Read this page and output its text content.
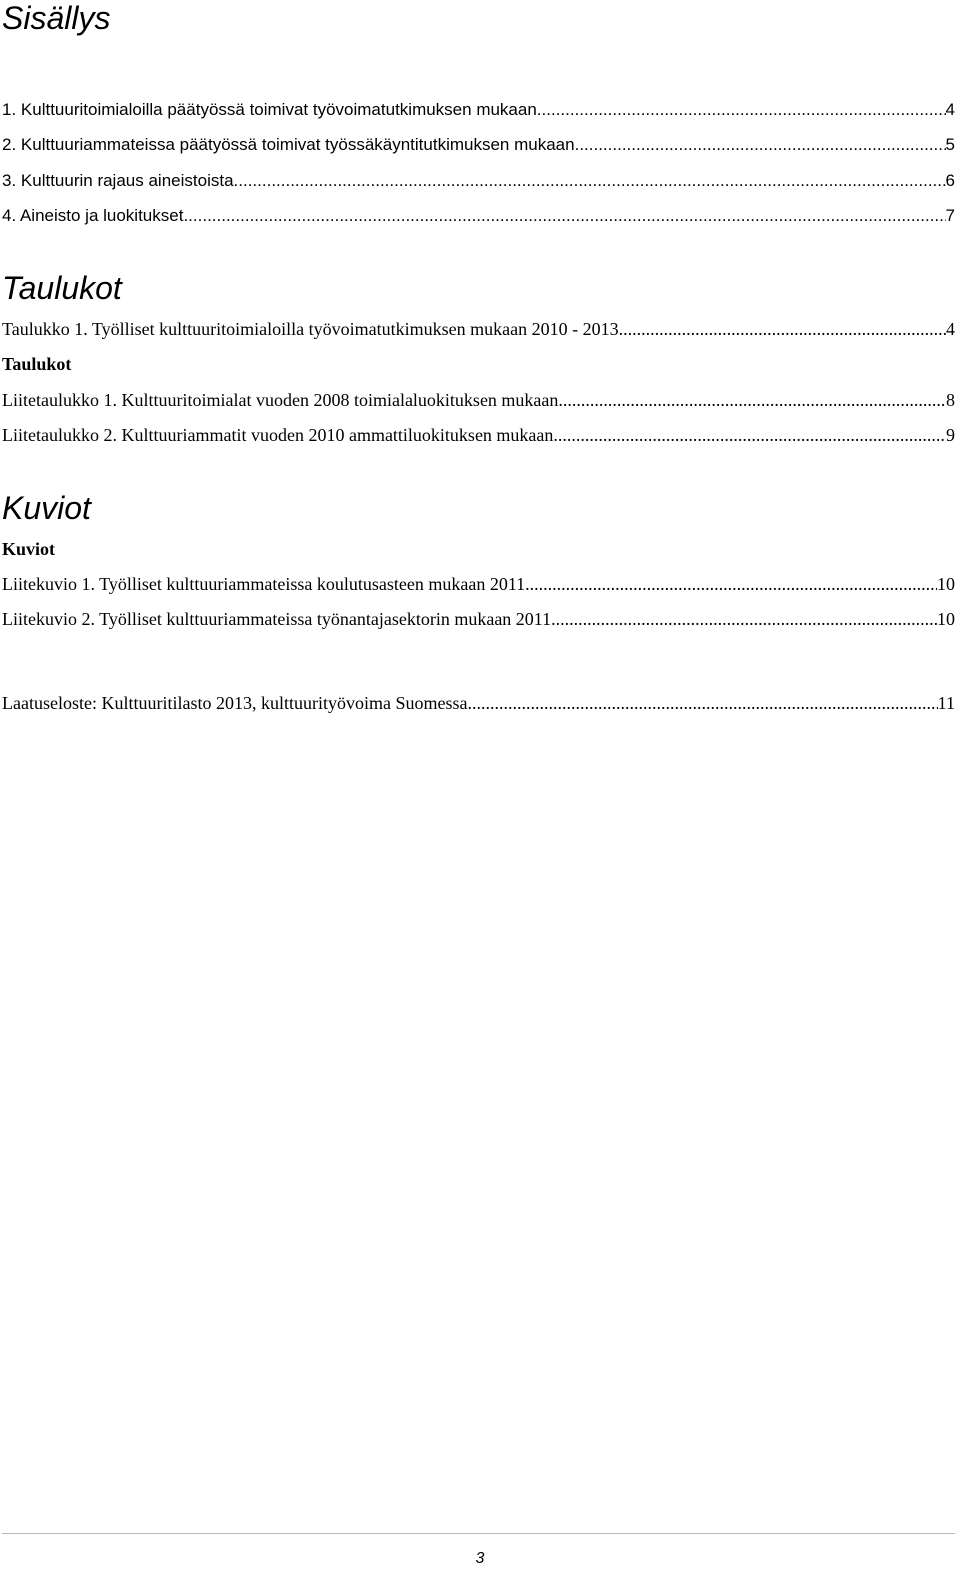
Sisällys
1. Kulttuuritoimialoilla päätyössä toimivat työvoimatutkimuksen mukaan .....	4
2. Kulttuuriammateissa päätyössä toimivat työssäkäyntitutkimuksen mukaan .....	5
3. Kulttuurin rajaus aineistoista .....	6
4. Aineisto ja luokitukset .....	7
Taulukot
Taulukko 1. Työlliset kulttuuritoimialoilla työvoimatutkimuksen mukaan 2010 - 2013 .....	4
Taulukot
Liitetaulukko 1. Kulttuuritoimialat vuoden 2008 toimialaluokituksen mukaan .....	8
Liitetaulukko 2. Kulttuuriammatit vuoden 2010 ammattiluokituksen mukaan .....	9
Kuviot
Kuviot
Liitekuvio 1. Työlliset kulttuuriammateissa koulutusasteen mukaan 2011 .....	10
Liitekuvio 2. Työlliset kulttuuriammateissa työnantajasektorin mukaan 2011 .....	10
Laatuseloste: Kulttuuritilasto 2013, kulttuurityövoima Suomessa .....	11
3
